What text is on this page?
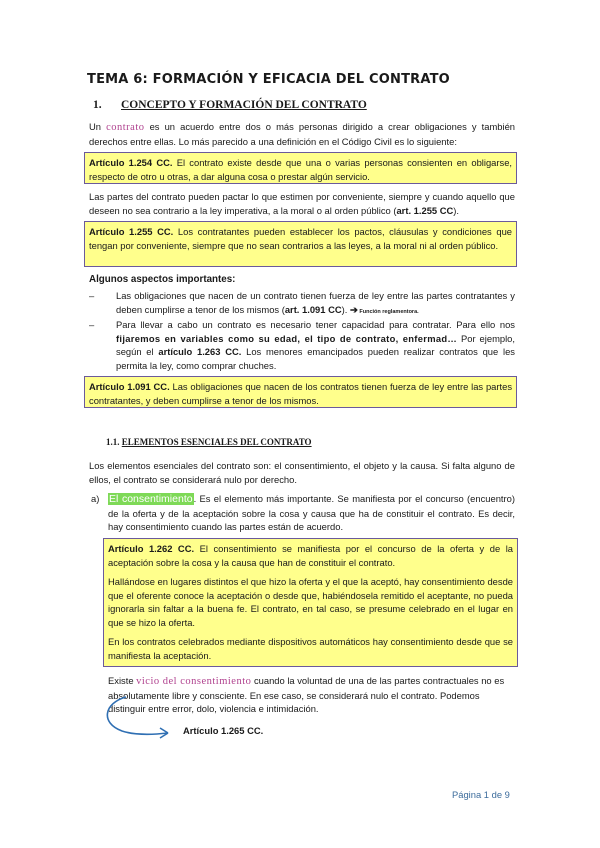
TEMA 6: FORMACIÓN Y EFICACIA DEL CONTRATO
1. CONCEPTO Y FORMACIÓN DEL CONTRATO
Un contrato es un acuerdo entre dos o más personas dirigido a crear obligaciones y también derechos entre ellas. Lo más parecido a una definición en el Código Civil es lo siguiente:
Artículo 1.254 CC. El contrato existe desde que una o varias personas consienten en obligarse, respecto de otro u otras, a dar alguna cosa o prestar algún servicio.
Las partes del contrato pueden pactar lo que estimen por conveniente, siempre y cuando aquello que deseen no sea contrario a la ley imperativa, a la moral o al orden público (art. 1.255 CC).
Artículo 1.255 CC. Los contratantes pueden establecer los pactos, cláusulas y condiciones que tengan por conveniente, siempre que no sean contrarios a las leyes, a la moral ni al orden público.
Algunos aspectos importantes:
–	Las obligaciones que nacen de un contrato tienen fuerza de ley entre las partes contratantes y deben cumplirse a tenor de los mismos (art. 1.091 CC). ➔ Función reglamentora.
–	Para llevar a cabo un contrato es necesario tener capacidad para contratar. Para ello nos fijaremos en variables como su edad, el tipo de contrato, enfermad… Por ejemplo, según el artículo 1.263 CC. Los menores emancipados pueden realizar contratos que les permita la ley, como comprar chuches.
Artículo 1.091 CC. Las obligaciones que nacen de los contratos tienen fuerza de ley entre las partes contratantes, y deben cumplirse a tenor de los mismos.
1.1. ELEMENTOS ESENCIALES DEL CONTRATO
Los elementos esenciales del contrato son: el consentimiento, el objeto y la causa. Si falta alguno de ellos, el contrato se considerará nulo por derecho.
a) El consentimiento. Es el elemento más importante. Se manifiesta por el concurso (encuentro) de la oferta y de la aceptación sobre la cosa y causa que ha de constituir el contrato. Es decir, hay consentimiento cuando las partes están de acuerdo.

Artículo 1.262 CC. El consentimiento se manifiesta por el concurso de la oferta y de la aceptación sobre la cosa y la causa que han de constituir el contrato.

Hallándose en lugares distintos el que hizo la oferta y el que la aceptó, hay consentimiento desde que el oferente conoce la aceptación o desde que, habiéndosela remitido el aceptante, no pueda ignorarla sin faltar a la buena fe. El contrato, en tal caso, se presume celebrado en el lugar en que se hizo la oferta.

En los contratos celebrados mediante dispositivos automáticos hay consentimiento desde que se manifiesta la aceptación.

Existe vicio del consentimiento cuando la voluntad de una de las partes contractuales no es absolutamente libre y consciente. En ese caso, se considerará nulo el contrato. Podemos distinguir entre error, dolo, violencia e intimidación.
Artículo 1.265 CC.
Página 1 de 9
